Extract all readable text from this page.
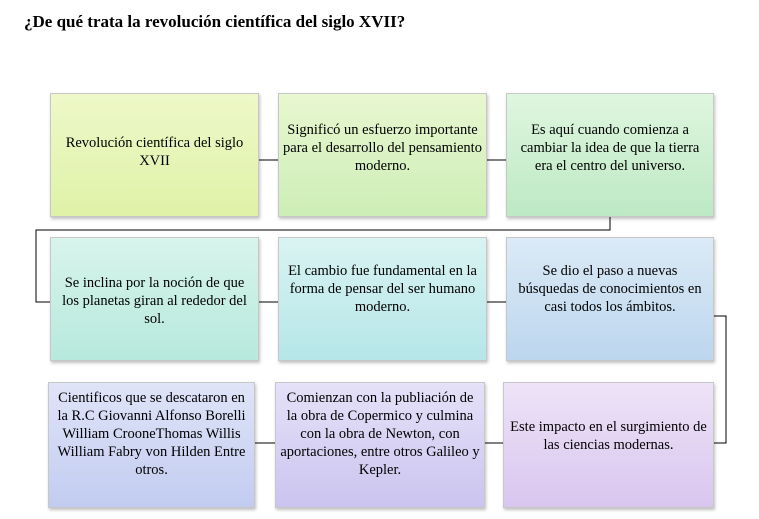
¿De qué trata la revolución científica del siglo XVII?
Revolución científica del siglo XVII
Significó un esfuerzo importante para el desarrollo del pensamiento moderno.
Es aquí cuando comienza a cambiar la idea de que la tierra era el centro del universo.
Se inclina por la noción de que los planetas giran al rededor del sol.
El cambio fue fundamental en la forma de pensar del ser humano moderno.
Se dio el paso a nuevas búsquedas de conocimientos en casi todos los ámbitos.
Cientificos que se descataron en la R.C Giovanni Alfonso Borelli William CrooneThomas Willis William Fabry von Hilden Entre otros.
Comienzan con la publiación de la obra de Copermico y culmina con la obra de Newton, con aportaciones, entre otros Galileo y Kepler.
Este impacto en el surgimiento de las ciencias modernas.
